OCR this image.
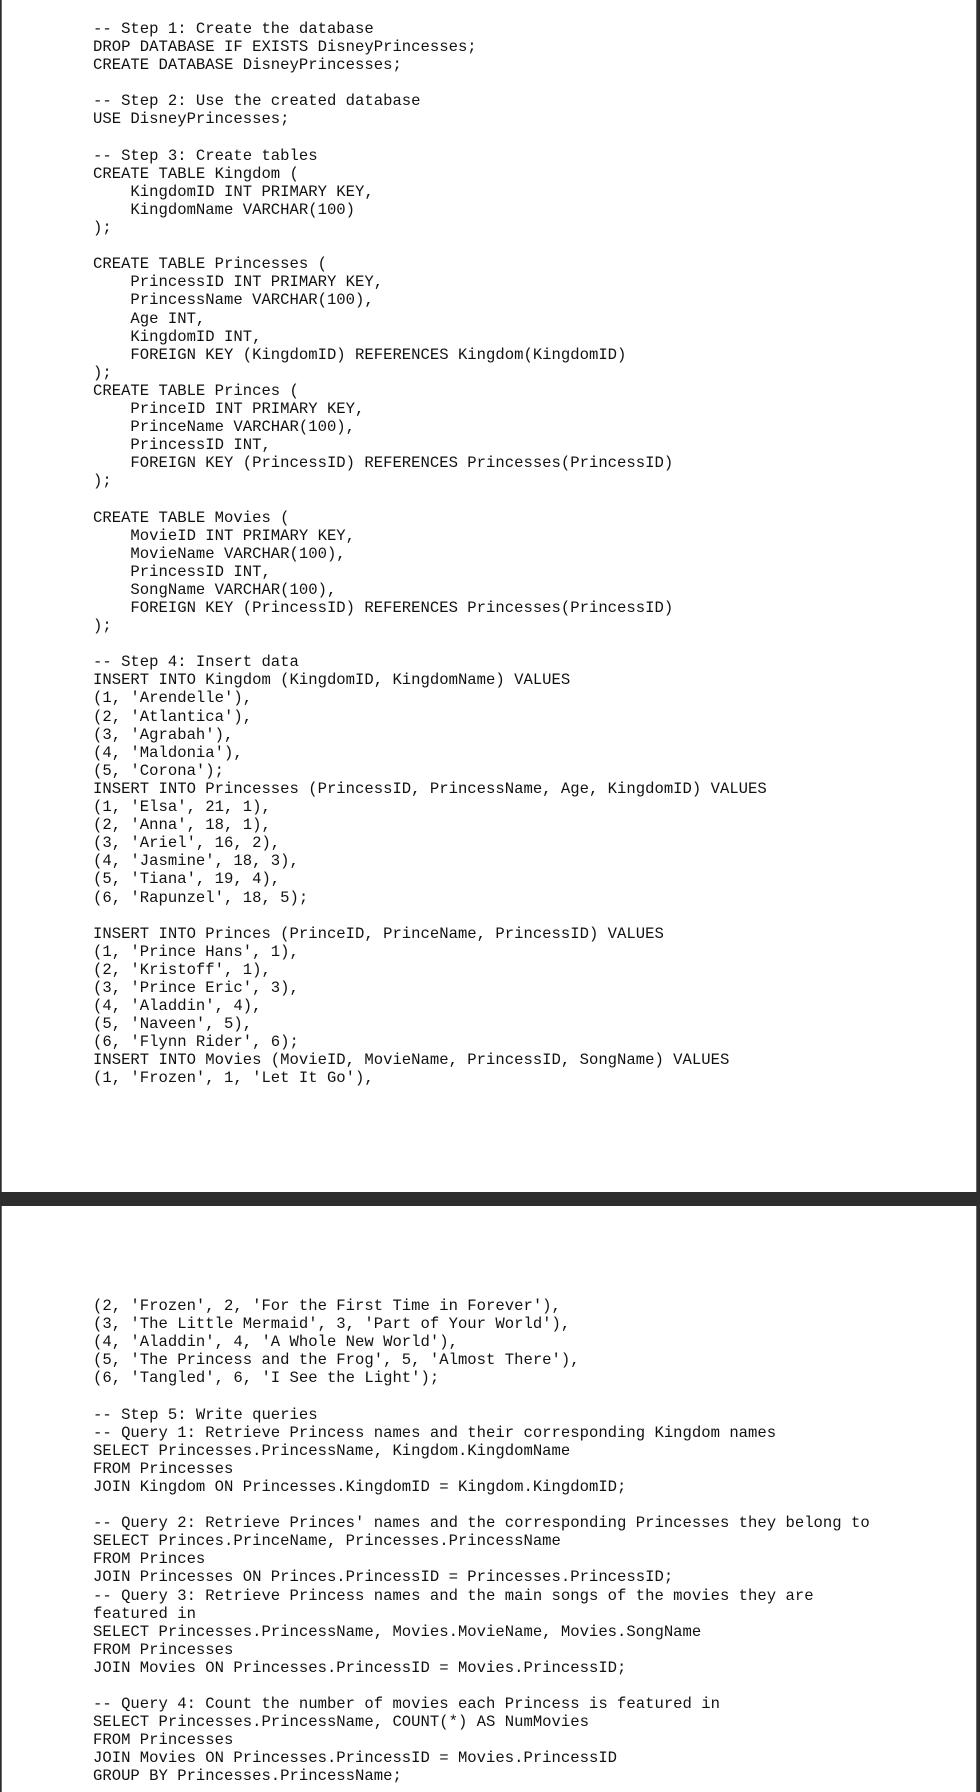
-- Step 1: Create the database
DROP DATABASE IF EXISTS DisneyPrincesses;
CREATE DATABASE DisneyPrincesses;
-- Step 2: Use the created database
USE DisneyPrincesses;
-- Step 3: Create tables
CREATE TABLE Kingdom (
KingdomID INT PRIMARY KEY,
KingdomName VARCHAR(100)
);
CREATE TABLE Princesses (
PrincessID INT PRIMARY KEY,
PrincessName VARCHAR(100),
Age INT,
KingdomID INT,
FOREIGN KEY (KingdomID) REFERENCES Kingdom(KingdomID)
);
CREATE TABLE Princes (
PrinceID INT PRIMARY KEY,
PrinceName VARCHAR(100),
PrincessID INT,
FOREIGN KEY (PrincessID) REFERENCES Princesses(PrincessID)
);
CREATE TABLE Movies (
MovieID INT PRIMARY KEY,
MovieName VARCHAR(100),
PrincessID INT,
SongName VARCHAR(100),
FOREIGN KEY (PrincessID) REFERENCES Princesses(PrincessID)
);
-- Step 4: Insert data
INSERT INTO Kingdom (KingdomID, KingdomName) VALUES
(1, 'Arendelle'),
(2, 'Atlantica'),
(3, 'Agrabah'),
(4, 'Maldonia'),
(5, 'Corona');
INSERT INTO Princesses (PrincessID, PrincessName, Age, KingdomID) VALUES
(1, 'Elsa', 21, 1),
(2, 'Anna', 18, 1),
(3, 'Ariel', 16, 2),
(4, 'Jasmine', 18, 3),
(5, 'Tiana', 19, 4),
(6, 'Rapunzel', 18, 5);
INSERT INTO Princes (PrinceID, PrinceName, PrincessID) VALUES
(1, 'Prince Hans', 1),
(2, 'Kristoff', 1),
(3, 'Prince Eric', 3),
(4, 'Aladdin', 4),
(5, 'Naveen', 5),
(6, 'Flynn Rider', 6);
INSERT INTO Movies (MovieID, MovieName, PrincessID, SongName) VALUES
(1, 'Frozen', 1, 'Let It Go'),
(2, 'Frozen', 2, 'For the First Time in Forever'),
(3, 'The Little Mermaid', 3, 'Part of Your World'),
(4, 'Aladdin', 4, 'A Whole New World'),
(5, 'The Princess and the Frog', 5, 'Almost There'),
(6, 'Tangled', 6, 'I See the Light');
-- Step 5: Write queries
-- Query 1: Retrieve Princess names and their corresponding Kingdom names
SELECT Princesses.PrincessName, Kingdom.KingdomName
FROM Princesses
JOIN Kingdom ON Princesses.KingdomID = Kingdom.KingdomID;
-- Query 2: Retrieve Princes' names and the corresponding Princesses they belong to
SELECT Princes.PrinceName, Princesses.PrincessName
FROM Princes
JOIN Princesses ON Princes.PrincessID = Princesses.PrincessID;
-- Query 3: Retrieve Princess names and the main songs of the movies they are
featured in
SELECT Princesses.PrincessName, Movies.MovieName, Movies.SongName
FROM Princesses
JOIN Movies ON Princesses.PrincessID = Movies.PrincessID;
-- Query 4: Count the number of movies each Princess is featured in
SELECT Princesses.PrincessName, COUNT(*) AS NumMovies
FROM Princesses
JOIN Movies ON Princesses.PrincessID = Movies.PrincessID
GROUP BY Princesses.PrincessName;
